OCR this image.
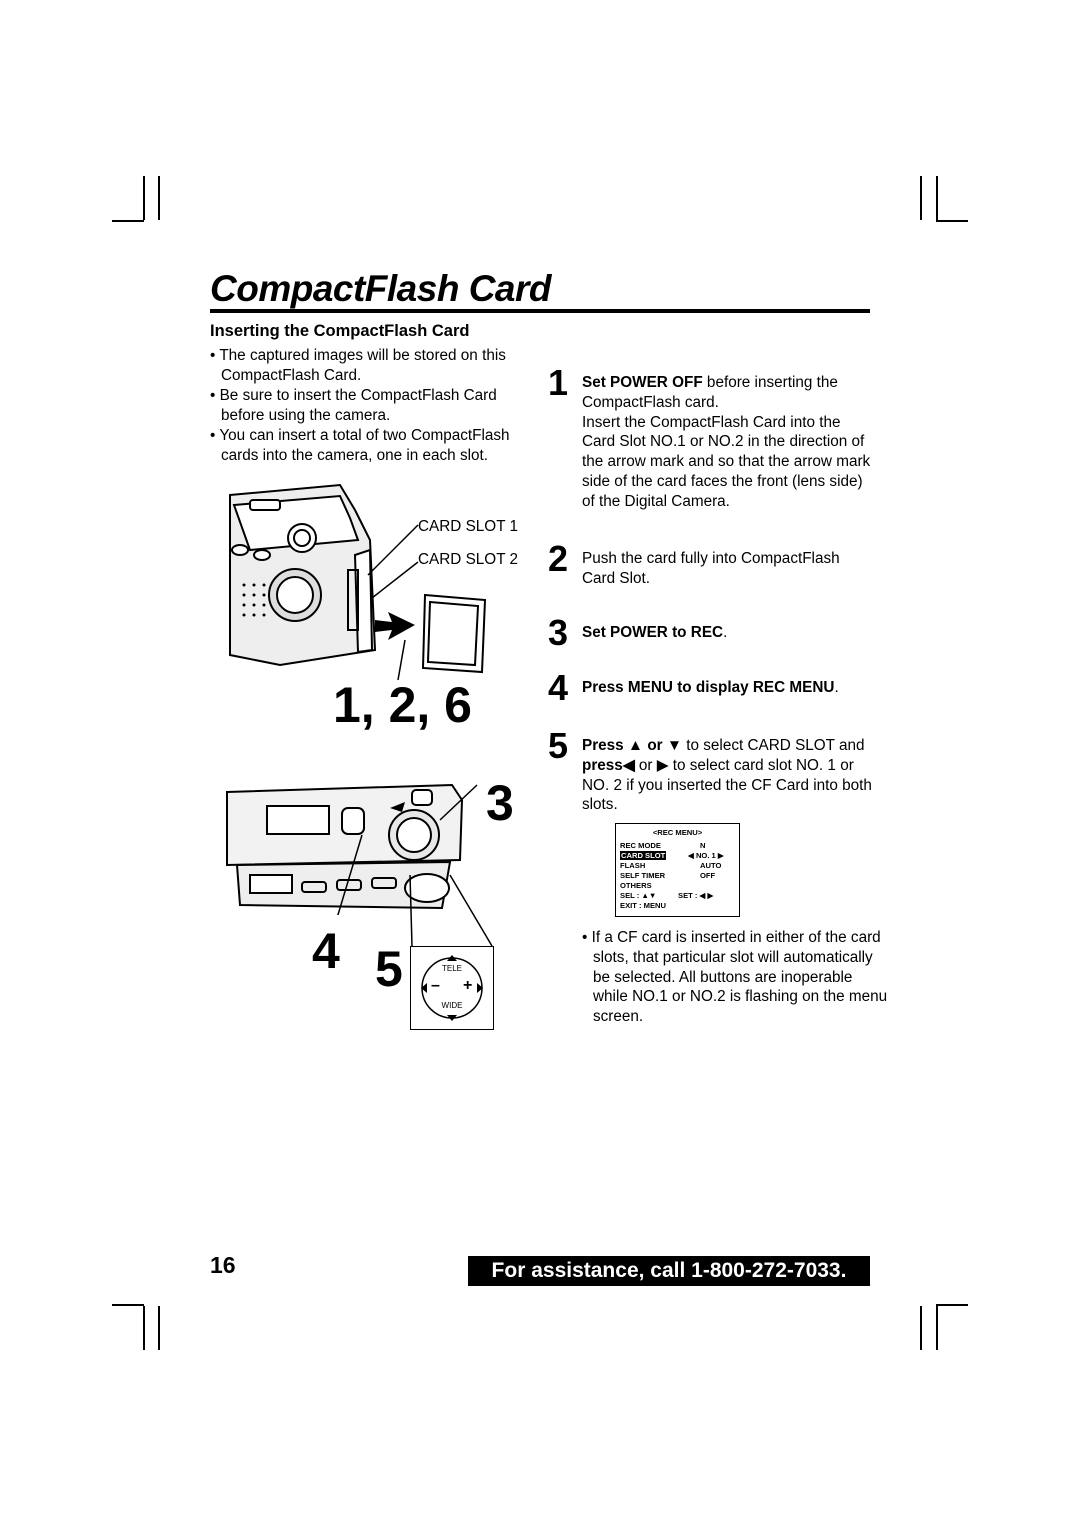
CompactFlash Card
Inserting the CompactFlash Card
• The captured images will be stored on this CompactFlash Card.
• Be sure to insert the CompactFlash Card before using the camera.
• You can insert a total of two CompactFlash cards into the camera, one in each slot.
CARD SLOT 1
CARD SLOT 2
1, 2, 6
3
4 5	TELE
WIDE
– +
1 Set POWER OFF before inserting the CompactFlash card.
Insert the CompactFlash Card into the Card Slot NO.1 or NO.2 in the direction of the arrow mark and so that the arrow mark side of the card faces the front (lens side) of the Digital Camera.
2 Push the card fully into CompactFlash Card Slot.
3 Set POWER to REC.
4 Press MENU to display REC MENU.
5 Press ▲ or ▼ to select CARD SLOT and press◀ or ▶ to select card slot NO. 1 or NO. 2 if you inserted the CF Card into both slots.
<REC MENU>
REC MODE	N
CARD SLOT	◀ NO. 1 ▶
FLASH	AUTO
SELF TIMER	OFF
OTHERS
SEL : ▲▼	SET : ◀ ▶
EXIT : MENU
• If a CF card is inserted in either of the card slots, that particular slot will automatically be selected. All buttons are inoperable while NO.1 or NO.2 is flashing on the menu screen.
16	For assistance, call 1-800-272-7033.
